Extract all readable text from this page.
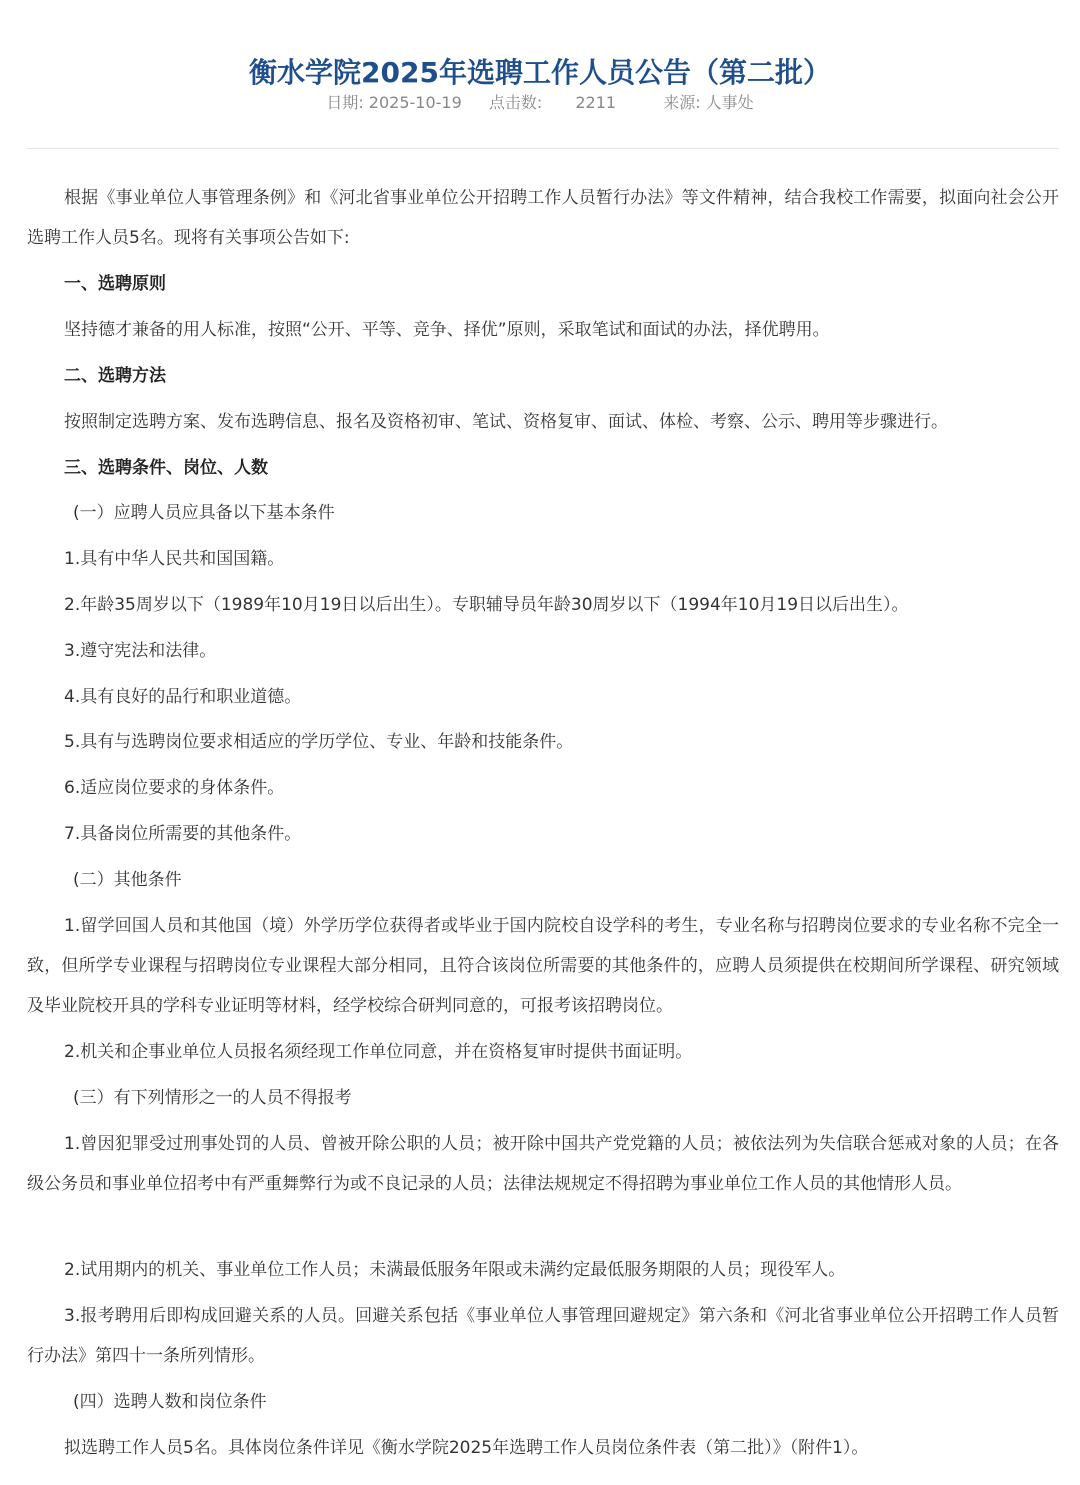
衡水学院2025年选聘工作人员公告（第二批）
日期: 2025-10-19 点击数: 2211	来源: 人事处

根据《事业单位人事管理条例》和《河北省事业单位公开招聘工作人员暂行办法》等文件精神，结合我校工作需要，拟面向社会公开选聘工作人员5名。现将有关事项公告如下:

一、选聘原则

坚持德才兼备的用人标准，按照“公开、平等、竞争、择优”原则，采取笔试和面试的办法，择优聘用。

二、选聘方法

按照制定选聘方案、发布选聘信息、报名及资格初审、笔试、资格复审、面试、体检、考察、公示、聘用等步骤进行。

三、选聘条件、岗位、人数

(一）应聘人员应具备以下基本条件

1.具有中华人民共和国国籍。

2.年龄35周岁以下（1989年10月19日以后出生）。专职辅导员年龄30周岁以下（1994年10月19日以后出生）。

3.遵守宪法和法律。

4.具有良好的品行和职业道德。

5.具有与选聘岗位要求相适应的学历学位、专业、年龄和技能条件。

6.适应岗位要求的身体条件。

7.具备岗位所需要的其他条件。

(二）其他条件

1.留学回国人员和其他国（境）外学历学位获得者或毕业于国内院校自设学科的考生，专业名称与招聘岗位要求的专业名称不完全一致，但所学专业课程与招聘岗位专业课程大部分相同，且符合该岗位所需要的其他条件的，应聘人员须提供在校期间所学课程、研究领域及毕业院校开具的学科专业证明等材料，经学校综合研判同意的，可报考该招聘岗位。

2.机关和企事业单位人员报名须经现工作单位同意，并在资格复审时提供书面证明。

(三）有下列情形之一的人员不得报考

1.曾因犯罪受过刑事处罚的人员、曾被开除公职的人员；被开除中国共产党党籍的人员；被依法列为失信联合惩戒对象的人员；在各级公务员和事业单位招考中有严重舞弊行为或不良记录的人员；法律法规规定不得招聘为事业单位工作人员的其他情形人员。

2.试用期内的机关、事业单位工作人员；未满最低服务年限或未满约定最低服务期限的人员；现役军人。

3.报考聘用后即构成回避关系的人员。回避关系包括《事业单位人事管理回避规定》第六条和《河北省事业单位公开招聘工作人员暂行办法》第四十一条所列情形。

(四）选聘人数和岗位条件

拟选聘工作人员5名。具体岗位条件详见《衡水学院2025年选聘工作人员岗位条件表（第二批）》（附件1）。
